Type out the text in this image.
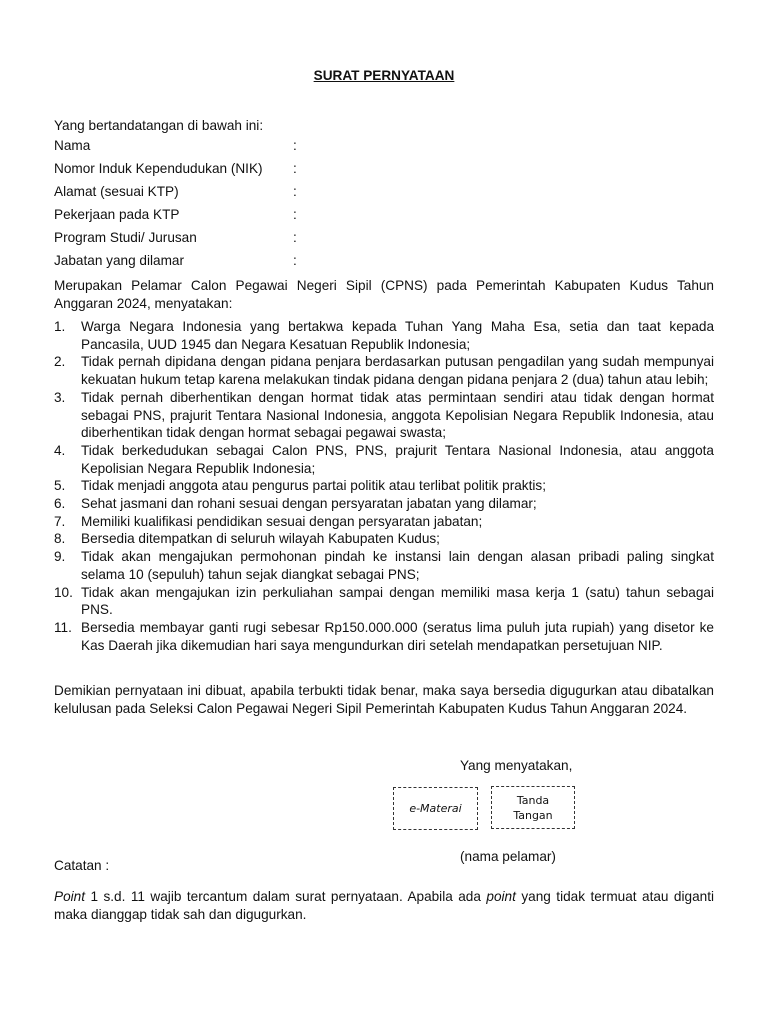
SURAT PERNYATAAN
Yang bertandatangan di bawah ini:
Nama	:
Nomor Induk Kependudukan (NIK)	:
Alamat (sesuai KTP)	:
Pekerjaan pada KTP	:
Program Studi/ Jurusan	:
Jabatan yang dilamar	:
Merupakan Pelamar Calon Pegawai Negeri Sipil (CPNS) pada Pemerintah Kabupaten Kudus Tahun Anggaran 2024, menyatakan:
1. Warga Negara Indonesia yang bertakwa kepada Tuhan Yang Maha Esa, setia dan taat kepada Pancasila, UUD 1945 dan Negara Kesatuan Republik Indonesia;
2. Tidak pernah dipidana dengan pidana penjara berdasarkan putusan pengadilan yang sudah mempunyai kekuatan hukum tetap karena melakukan tindak pidana dengan pidana penjara 2 (dua) tahun atau lebih;
3. Tidak pernah diberhentikan dengan hormat tidak atas permintaan sendiri atau tidak dengan hormat sebagai PNS, prajurit Tentara Nasional Indonesia, anggota Kepolisian Negara Republik Indonesia, atau diberhentikan tidak dengan hormat sebagai pegawai swasta;
4. Tidak berkedudukan sebagai Calon PNS, PNS, prajurit Tentara Nasional Indonesia, atau anggota Kepolisian Negara Republik Indonesia;
5. Tidak menjadi anggota atau pengurus partai politik atau terlibat politik praktis;
6. Sehat jasmani dan rohani sesuai dengan persyaratan jabatan yang dilamar;
7. Memiliki kualifikasi pendidikan sesuai dengan persyaratan jabatan;
8. Bersedia ditempatkan di seluruh wilayah Kabupaten Kudus;
9. Tidak akan mengajukan permohonan pindah ke instansi lain dengan alasan pribadi paling singkat selama 10 (sepuluh) tahun sejak diangkat sebagai PNS;
10. Tidak akan mengajukan izin perkuliahan sampai dengan memiliki masa kerja 1 (satu) tahun sebagai PNS.
11. Bersedia membayar ganti rugi sebesar Rp150.000.000 (seratus lima puluh juta rupiah) yang disetor ke Kas Daerah jika dikemudian hari saya mengundurkan diri setelah mendapatkan persetujuan NIP.
Demikian pernyataan ini dibuat, apabila terbukti tidak benar, maka saya bersedia digugurkan atau dibatalkan kelulusan pada Seleksi Calon Pegawai Negeri Sipil Pemerintah Kabupaten Kudus Tahun Anggaran 2024.
Yang menyatakan,
e-Materai
Tanda
Tangan
(nama pelamar)
Catatan :
Point 1 s.d. 11 wajib tercantum dalam surat pernyataan. Apabila ada point yang tidak termuat atau diganti maka dianggap tidak sah dan digugurkan.
